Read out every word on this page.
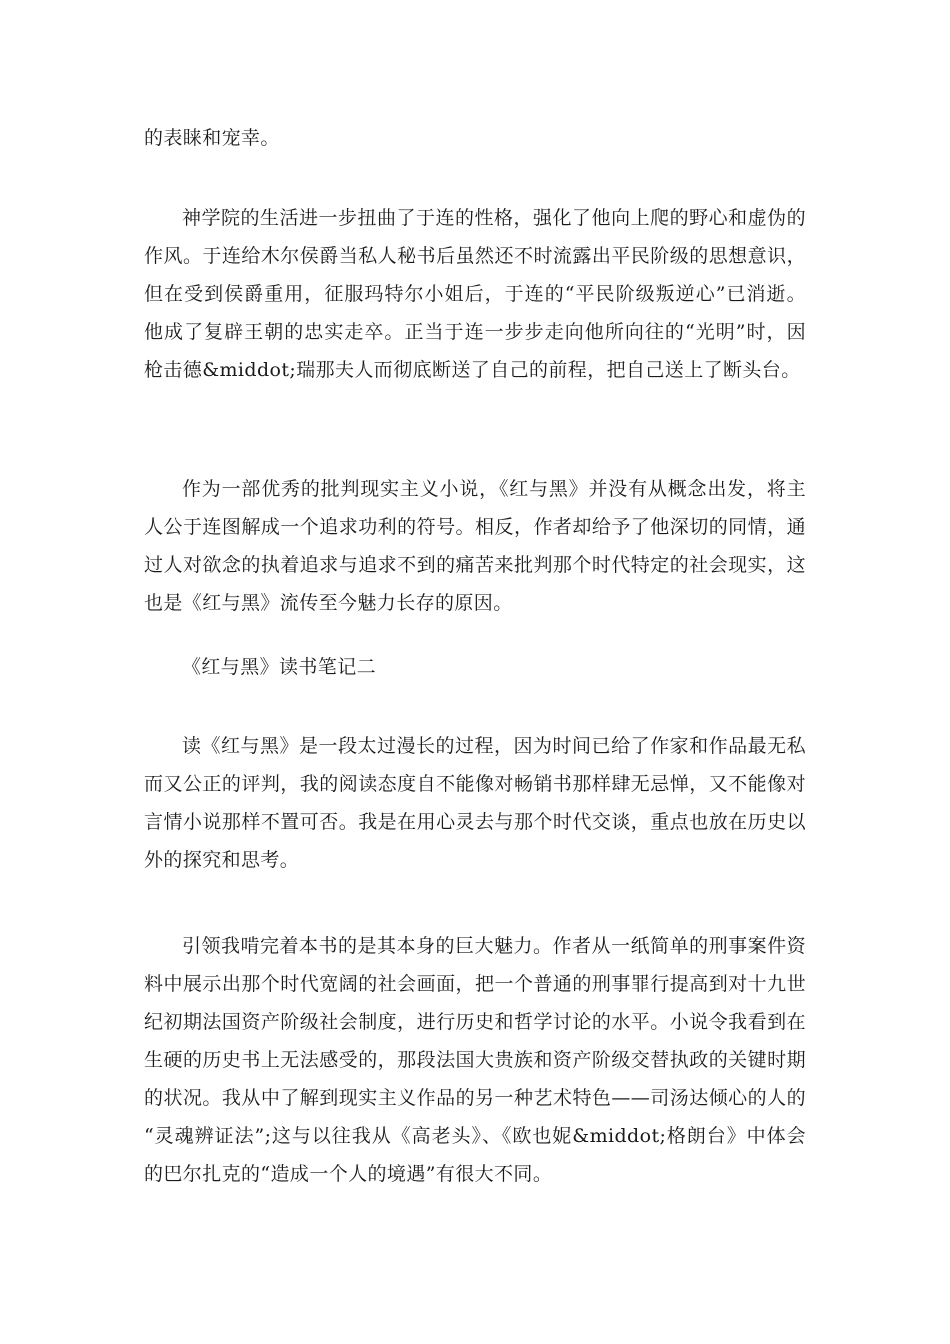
的表睐和宠幸。
神学院的生活进一步扭曲了于连的性格，强化了他向上爬的野心和虚伪的
作风。于连给木尔侯爵当私人秘书后虽然还不时流露出平民阶级的思想意识，
但在受到侯爵重用，征服玛特尔小姐后，于连的“平民阶级叛逆心”已消逝。
他成了复辟王朝的忠实走卒。正当于连一步步走向他所向往的“光明”时，因
枪击德&middot;瑞那夫人而彻底断送了自己的前程，把自己送上了断头台。
作为一部优秀的批判现实主义小说，《红与黑》并没有从概念出发，将主
人公于连图解成一个追求功利的符号。相反，作者却给予了他深切的同情，通
过人对欲念的执着追求与追求不到的痛苦来批判那个时代特定的社会现实，这
也是《红与黑》流传至今魅力长存的原因。
《红与黑》读书笔记二
读《红与黑》是一段太过漫长的过程，因为时间已给了作家和作品最无私
而又公正的评判，我的阅读态度自不能像对畅销书那样肆无忌惮，又不能像对
言情小说那样不置可否。我是在用心灵去与那个时代交谈，重点也放在历史以
外的探究和思考。
引领我啃完着本书的是其本身的巨大魅力。作者从一纸简单的刑事案件资
料中展示出那个时代宽阔的社会画面，把一个普通的刑事罪行提高到对十九世
纪初期法国资产阶级社会制度，进行历史和哲学讨论的水平。小说令我看到在
生硬的历史书上无法感受的，那段法国大贵族和资产阶级交替执政的关键时期
的状况。我从中了解到现实主义作品的另一种艺术特色——司汤达倾心的人的
“灵魂辨证法”;这与以往我从《高老头》、《欧也妮&middot;格朗台》中体会
的巴尔扎克的“造成一个人的境遇”有很大不同。
